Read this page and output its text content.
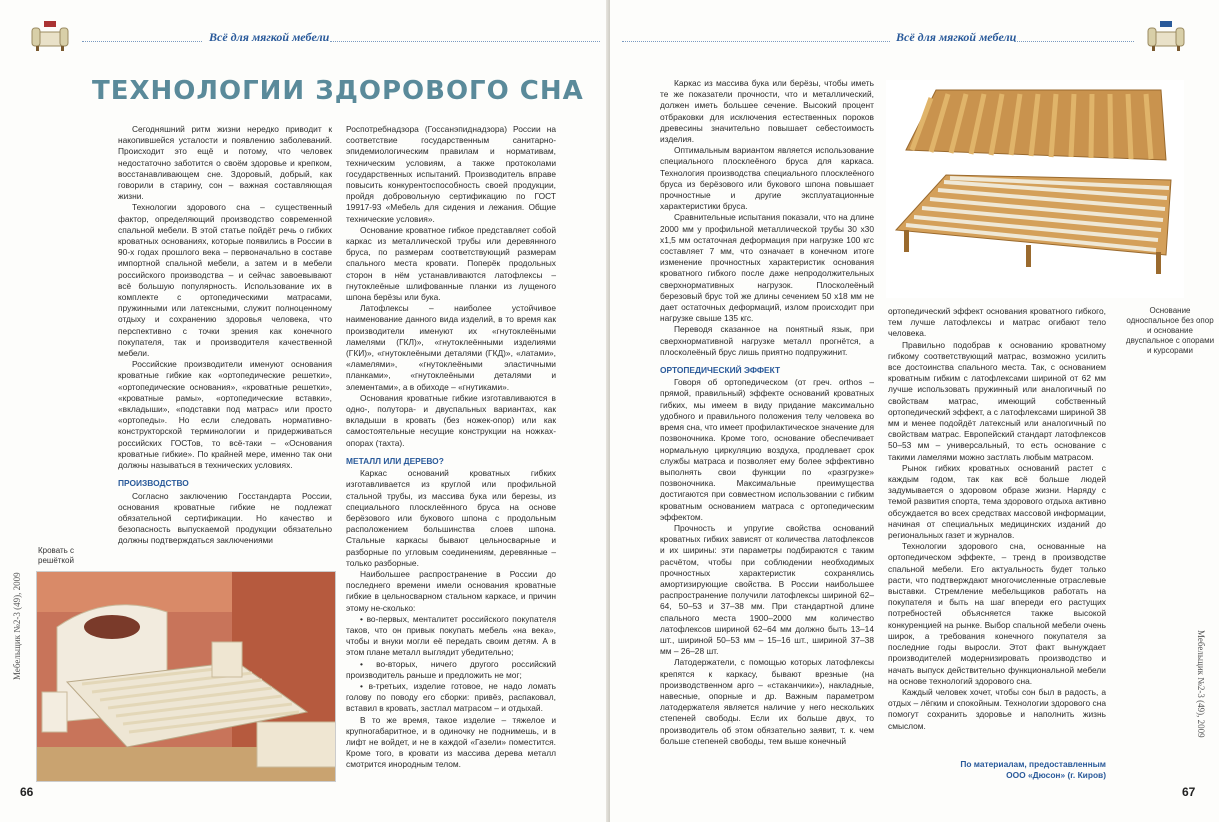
Всё для мягкой мебели
ТЕХНОЛОГИИ ЗДОРОВОГО СНА

Сегодняшний ритм жизни нередко приводит к накопившейся усталости и появлению заболеваний. Происходит это ещё и потому, что человек недостаточно заботится о своём здоровье и крепком, восстанавливающем сне. Здоровый, добрый, как говорили в старину, сон – важная составляющая жизни.

Технологии здорового сна – существенный фактор, определяющий производство современной спальной мебели. В этой статье пойдёт речь о гибких кроватных основаниях, которые появились в России в 90-х годах прошлого века – первоначально в составе импортной спальной мебели, а затем и в мебели российского производства – и сейчас завоевывают всё большую популярность. Использование их в комплекте с ортопедическими матрасами, пружинными или латексными, служит полноценному отдыху и сохранению здоровья человека, что перспективно с точки зрения как конечного покупателя, так и производителя качественной мебели.

Российские производители именуют основания кроватные гибкие как «ортопедические решетки», «ортопедические основания», «кроватные решетки», «кроватные рамы», «ортопедические вставки», «вкладыши», «подставки под матрас» или просто «ортопеды». Но если следовать нормативно-конструкторской терминологии и придерживаться российских ГОСТов, то всё-таки – «Основания кроватные гибкие». По крайней мере, именно так они должны называться в технических условиях.

ПРОИЗВОДСТВО

Согласно заключению Госстандарта России, основания кроватные гибкие не подлежат обязательной сертификации. Но качество и безопасность выпускаемой продукции обязательно должны подтверждаться заключениями

Роспотребнадзора (Госсанэпиднадзора) России на соответствие государственным санитарно-эпидемиологическим правилам и нормативам, техническим условиям, а также протоколами государственных испытаний. Производитель вправе повысить конкурентоспособность своей продукции, пройдя добровольную сертификацию по ГОСТ 19917-93 «Мебель для сидения и лежания. Общие технические условия».

Основание кроватное гибкое представляет собой каркас из металлической трубы или деревянного бруса, по размерам соответствующий размерам спального места кровати. Поперёк продольных сторон в нём устанавливаются латофлексы – гнутоклеёные шлифованные планки из лущеного шпона берёзы или бука.

Латофлексы – наиболее устойчивое наименование данного вида изделий, в то время как производители именуют их «гнутоклеёными ламелями (ГКЛ)», «гнутоклеёнными изделиями (ГКИ)», «гнутоклеёными деталями (ГКД)», «латами», «ламелями», «гнутоклеёными эластичными планками», «гнутоклеёными деталями и элементами», а в обиходе – «гнутиками».

Основания кроватные гибкие изготавливаются в одно-, полутора- и двуспальных вариантах, как вкладыши в кровать (без ножек-опор) или как самостоятельные несущие конструкции на ножках-опорах (тахта).

МЕТАЛЛ ИЛИ ДЕРЕВО?

Каркас оснований кроватных гибких изготавливается из круглой или профильной стальной трубы, из массива бука или березы, из специального плосклеённого бруса на основе берёзового или букового шпона с продольным расположением большинства слоев шпона. Стальные каркасы бывают цельносварные и разборные по угловым соединениям, деревянные – только разборные.

Наибольшее распространение в России до последнего времени имели основания кроватные гибкие в цельносварном стальном каркасе, и причин этому не-сколько:

• во-первых, менталитет российского покупателя таков, что он привык покупать мебель «на века», чтобы и внуки могли её передать своим детям. А в этом плане металл выглядит убедительно;
• во-вторых, ничего другого российский производитель раньше и предложить не мог;
• в-третьих, изделие готовое, не надо ломать голову по поводу его сборки: привёз, распаковал, вставил в кровать, застлал матрасом – и отдыхай.

В то же время, такое изделие – тяжелое и крупногабаритное, и в одиночку не поднимешь, и в лифт не войдет, и не в каждой «Газели» поместится. Кроме того, в кровати из массива дерева металл смотрится инородным телом.

Кровать с решёткой
Мебельщик №2-3 (49), 2009
66
Всё для мягкой мебели

Каркас из массива бука или берёзы, чтобы иметь те же показатели прочности, что и металлический, должен иметь большее сечение. Высокий процент отбраковки для исключения естественных пороков древесины значительно повышает себестоимость изделия.

Оптимальным вариантом является использование специального плосклеёного бруса для каркаса. Технология производства специального плосклеёного бруса из берёзового или букового шпона повышает прочностные и другие эксплуатационные характеристики бруса.

Сравнительные испытания показали, что на длине 2000 мм у профильной металлической трубы 30 х30 х1,5 мм остаточная деформация при нагрузке 100 кгс составляет 7 мм, что означает в конечном итоге изменение прочностных характеристик основания кроватного гибкого после даже непродолжительных сверхнормативных нагрузок. Плосколеёный березовый брус той же длины сечением 50 х18 мм не дает остаточных деформаций, излом происходит при нагрузке свыше 135 кгс.

Переводя сказанное на понятный язык, при сверхнормативной нагрузке металл прогнётся, а плосколеёный брус лишь приятно подпружинит.

ОРТОПЕДИЧЕСКИЙ ЭФФЕКТ

Говоря об ортопедическом (от греч. orthos – прямой, правильный) эффекте оснований кроватных гибких, мы имеем в виду придание максимально удобного и правильного положения телу человека во время сна, что имеет профилактическое значение для позвоночника. Кроме того, основание обеспечивает нормальную циркуляцию воздуха, продлевает срок службы матраса и позволяет ему более эффективно выполнять свои функции по «разгрузке» позвоночника. Максимальные преимущества достигаются при совместном использовании с гибким кроватным основанием матраса с ортопедическим эффектом.

Прочность и упругие свойства оснований кроватных гибких зависят от количества латофлексов и их ширины: эти параметры подбираются с таким расчётом, чтобы при соблюдении необходимых прочностных характеристик сохранялись амортизирующие свойства. В России наибольшее распространение получили латофлексы шириной 62–64, 50–53 и 37–38 мм. При стандартной длине спального места 1900–2000 мм количество латофлексов шириной 62–64 мм должно быть 13–14 шт., шириной 50–53 мм – 15–16 шт., шириной 37–38 мм – 26–28 шт.

Латодержатели, с помощью которых латофлексы крепятся к каркасу, бывают врезные (на производственном арго – «стаканчики»), накладные, навесные, опорные и др. Важным параметром латодержателя является наличие у него нескольких степеней свободы. Если их больше двух, то производитель об этом обязательно заявит, т. к. чем больше степеней свободы, тем выше конечный

Основание односпальное без опор и основание двуспальное с опорами и курсорами

ортопедический эффект основания кроватного гибкого, тем лучше латофлексы и матрас огибают тело человека.

Правильно подобрав к основанию кроватному гибкому соответствующий матрас, возможно усилить все достоинства спального места. Так, с основанием кроватным гибким с латофлексами шириной от 62 мм лучше использовать пружинный или аналогичный по свойствам матрас, имеющий собственный ортопедический эффект, а с латофлексами шириной 38 мм и менее подойдёт латексный или аналогичный по свойствам матрас. Европейский стандарт латофлексов 50–53 мм – универсальный, то есть основание с такими ламелями можно застлать любым матрасом.

Рынок гибких кроватных оснований растет с каждым годом, так как всё больше людей задумывается о здоровом образе жизни. Наряду с темой развития спорта, тема здорового отдыха активно обсуждается во всех средствах массовой информации, начиная от специальных медицинских изданий до региональных газет и журналов.

Технологии здорового сна, основанные на ортопедическом эффекте, – тренд в производстве спальной мебели. Его актуальность будет только расти, что подтверждают многочисленные отраслевые выставки. Стремление мебельщиков работать на покупателя и быть на шаг впереди его растущих потребностей объясняется также высокой конкуренцией на рынке. Выбор спальной мебели очень широк, а требования конечного покупателя за последние годы выросли. Этот факт вынуждает производителей модернизировать производство и начать выпуск действительно функциональной мебели на основе технологий здорового сна.

Каждый человек хочет, чтобы сон был в радость, а отдых – лёгким и спокойным. Технологии здорового сна помогут сохранить здоровье и наполнить жизнь смыслом.

По материалам, предоставленным
ООО «Дюсон» (г. Киров)
Мебельщик №2-3 (49), 2009
67
